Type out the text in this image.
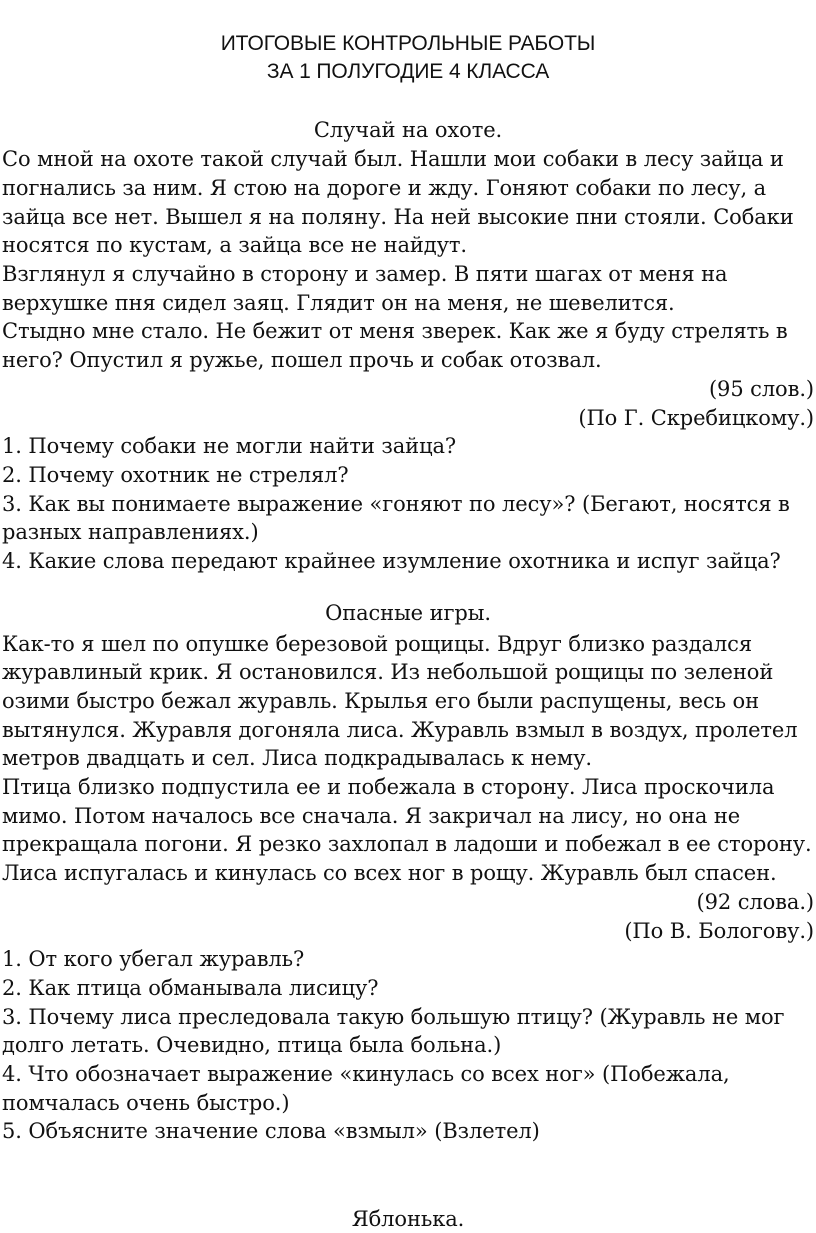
ИТОГОВЫЕ КОНТРОЛЬНЫЕ РАБОТЫ
ЗА 1 ПОЛУГОДИЕ 4 КЛАССА
Случай на охоте.
Со мной на охоте такой случай был. Нашли мои собаки в лесу зайца и
погнались за ним. Я стою на дороге и жду. Гоняют собаки по лесу, а
зайца все нет. Вышел я на поляну. На ней высокие пни стояли. Собаки
носятся по кустам, а зайца все не найдут.
Взглянул я случайно в сторону и замер. В пяти шагах от меня на
верхушке пня сидел заяц. Глядит он на меня, не шевелится.
Стыдно мне стало. Не бежит от меня зверек. Как же я буду стрелять в
него? Опустил я ружье, пошел прочь и собак отозвал.
(95 слов.)
(По Г. Скребицкому.)
1. Почему собаки не могли найти зайца?
2. Почему охотник не стрелял?
3. Как вы понимаете выражение «гоняют по лесу»? (Бегают, носятся в
разных направлениях.)
4. Какие слова передают крайнее изумление охотника и испуг зайца?
Опасные игры.
Как-то я шел по опушке березовой рощицы. Вдруг близко раздался
журавлиный крик. Я остановился. Из небольшой рощицы по зеленой
озими быстро бежал журавль. Крылья его были распущены, весь он
вытянулся. Журавля догоняла лиса. Журавль взмыл в воздух, пролетел
метров двадцать и сел. Лиса подкрадывалась к нему.
Птица близко подпустила ее и побежала в сторону. Лиса проскочила
мимо. Потом началось все сначала. Я закричал на лису, но она не
прекращала погони. Я резко захлопал в ладоши и побежал в ее сторону.
Лиса испугалась и кинулась со всех ног в рощу. Журавль был спасен.
(92 слова.)
(По В. Бологову.)
1. От кого убегал журавль?
2. Как птица обманывала лисицу?
3. Почему лиса преследовала такую большую птицу? (Журавль не мог
долго летать. Очевидно, птица была больна.)
4. Что обозначает выражение «кинулась со всех ног» (Побежала,
помчалась очень быстро.)
5. Объясните значение слова «взмыл» (Взлетел)
Яблонька.
